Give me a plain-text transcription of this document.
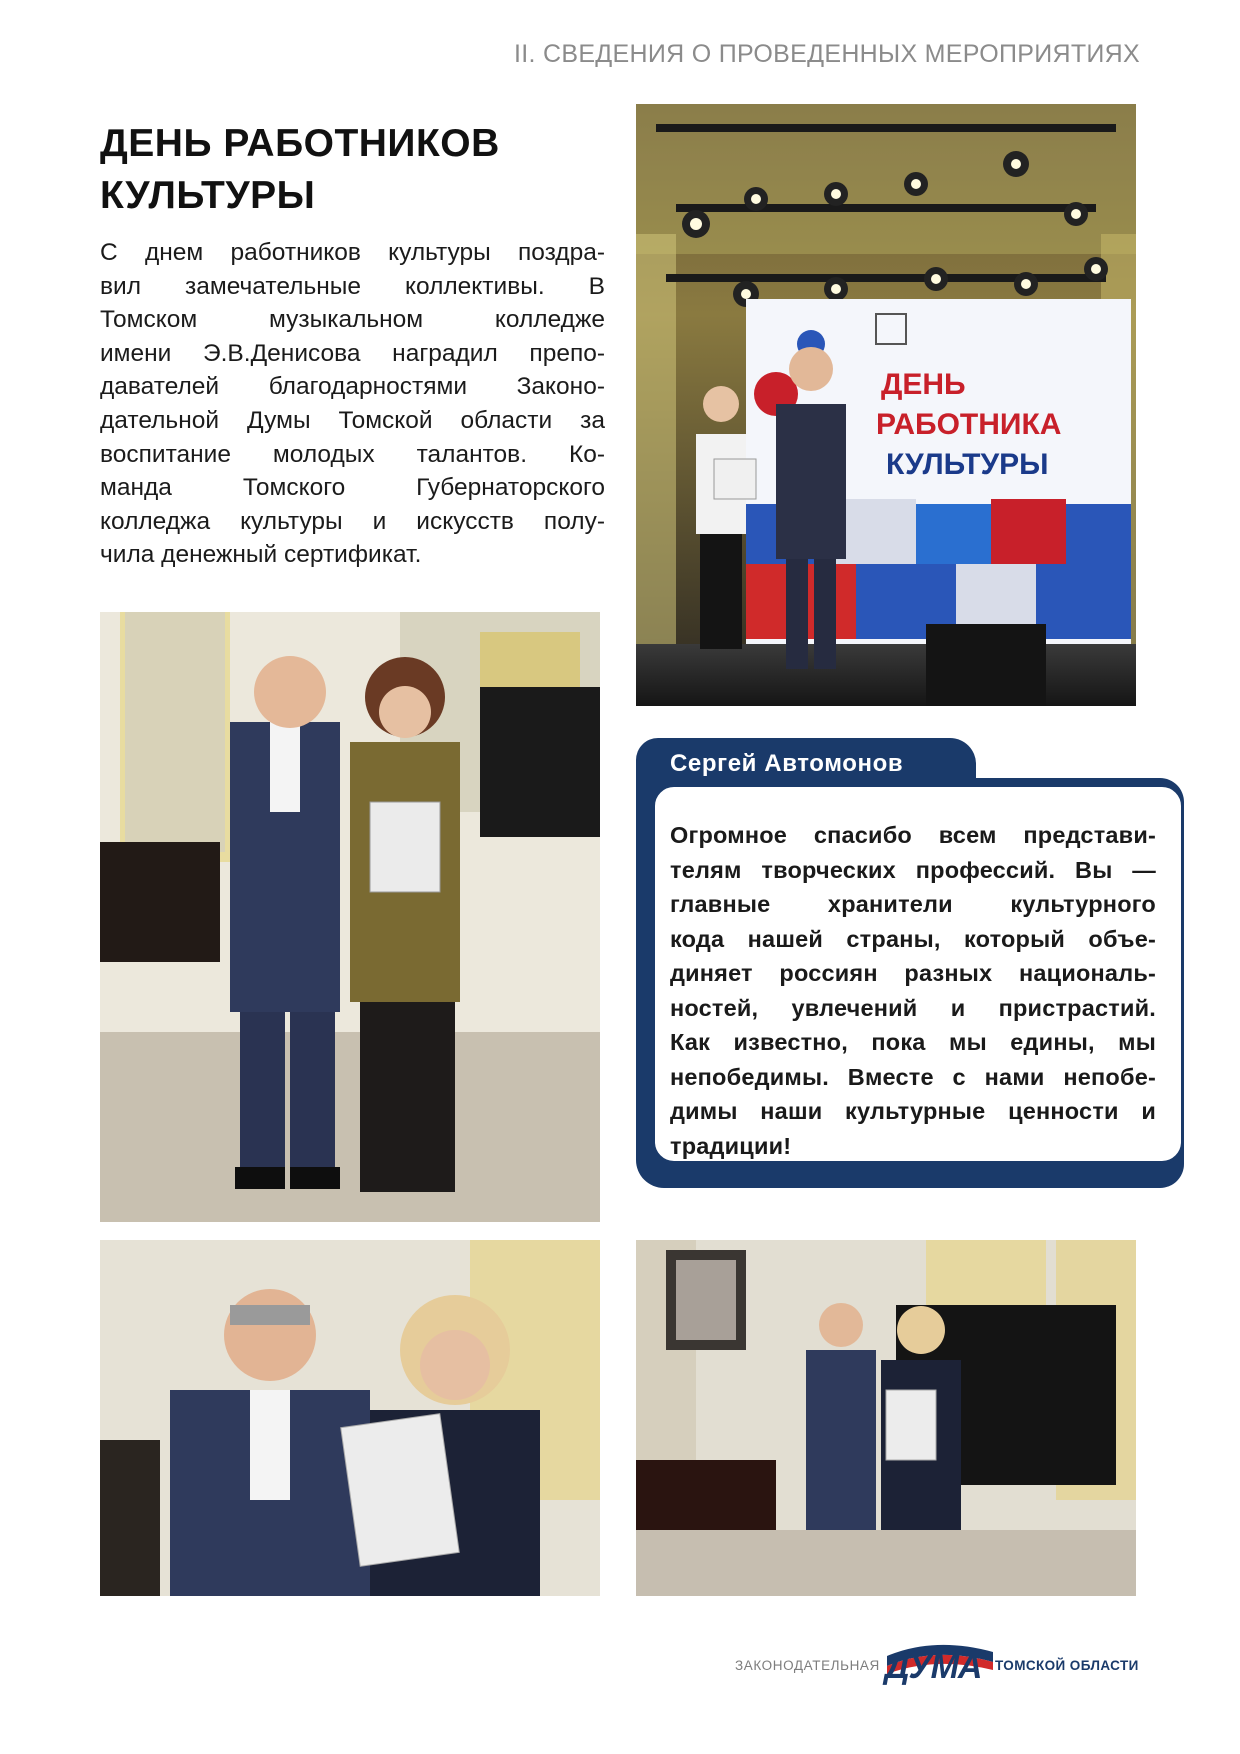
II. СВЕДЕНИЯ О ПРОВЕДЕННЫХ МЕРОПРИЯТИЯХ
ДЕНЬ РАБОТНИКОВ
КУЛЬТУРЫ
С днем работников культуры поздра-
вил замечательные коллективы. В
Томском музыкальном колледже
имени Э.В.Денисова наградил препо-
давателей благодарностями Законо-
дательной Думы Томской области за
воспитание молодых талантов. Ко-
манда Томского Губернаторского
колледжа культуры и искусств полу-
чила денежный сертификат.
ДЕНЬ
РАБОТНИКА
КУЛЬТУРЫ
Сергей Автомонов
Огромное спасибо всем представи-
телям творческих профессий. Вы —
главные хранители культурного
кода нашей страны, который объе-
диняет россиян разных националь-
ностей, увлечений и пристрастий.
Как известно, пока мы едины, мы
непобедимы. Вместе с нами непобе-
димы наши культурные ценности и
традиции!
ЗАКОНОДАТЕЛЬНАЯ ДУМА ТОМСКОЙ ОБЛАСТИ
